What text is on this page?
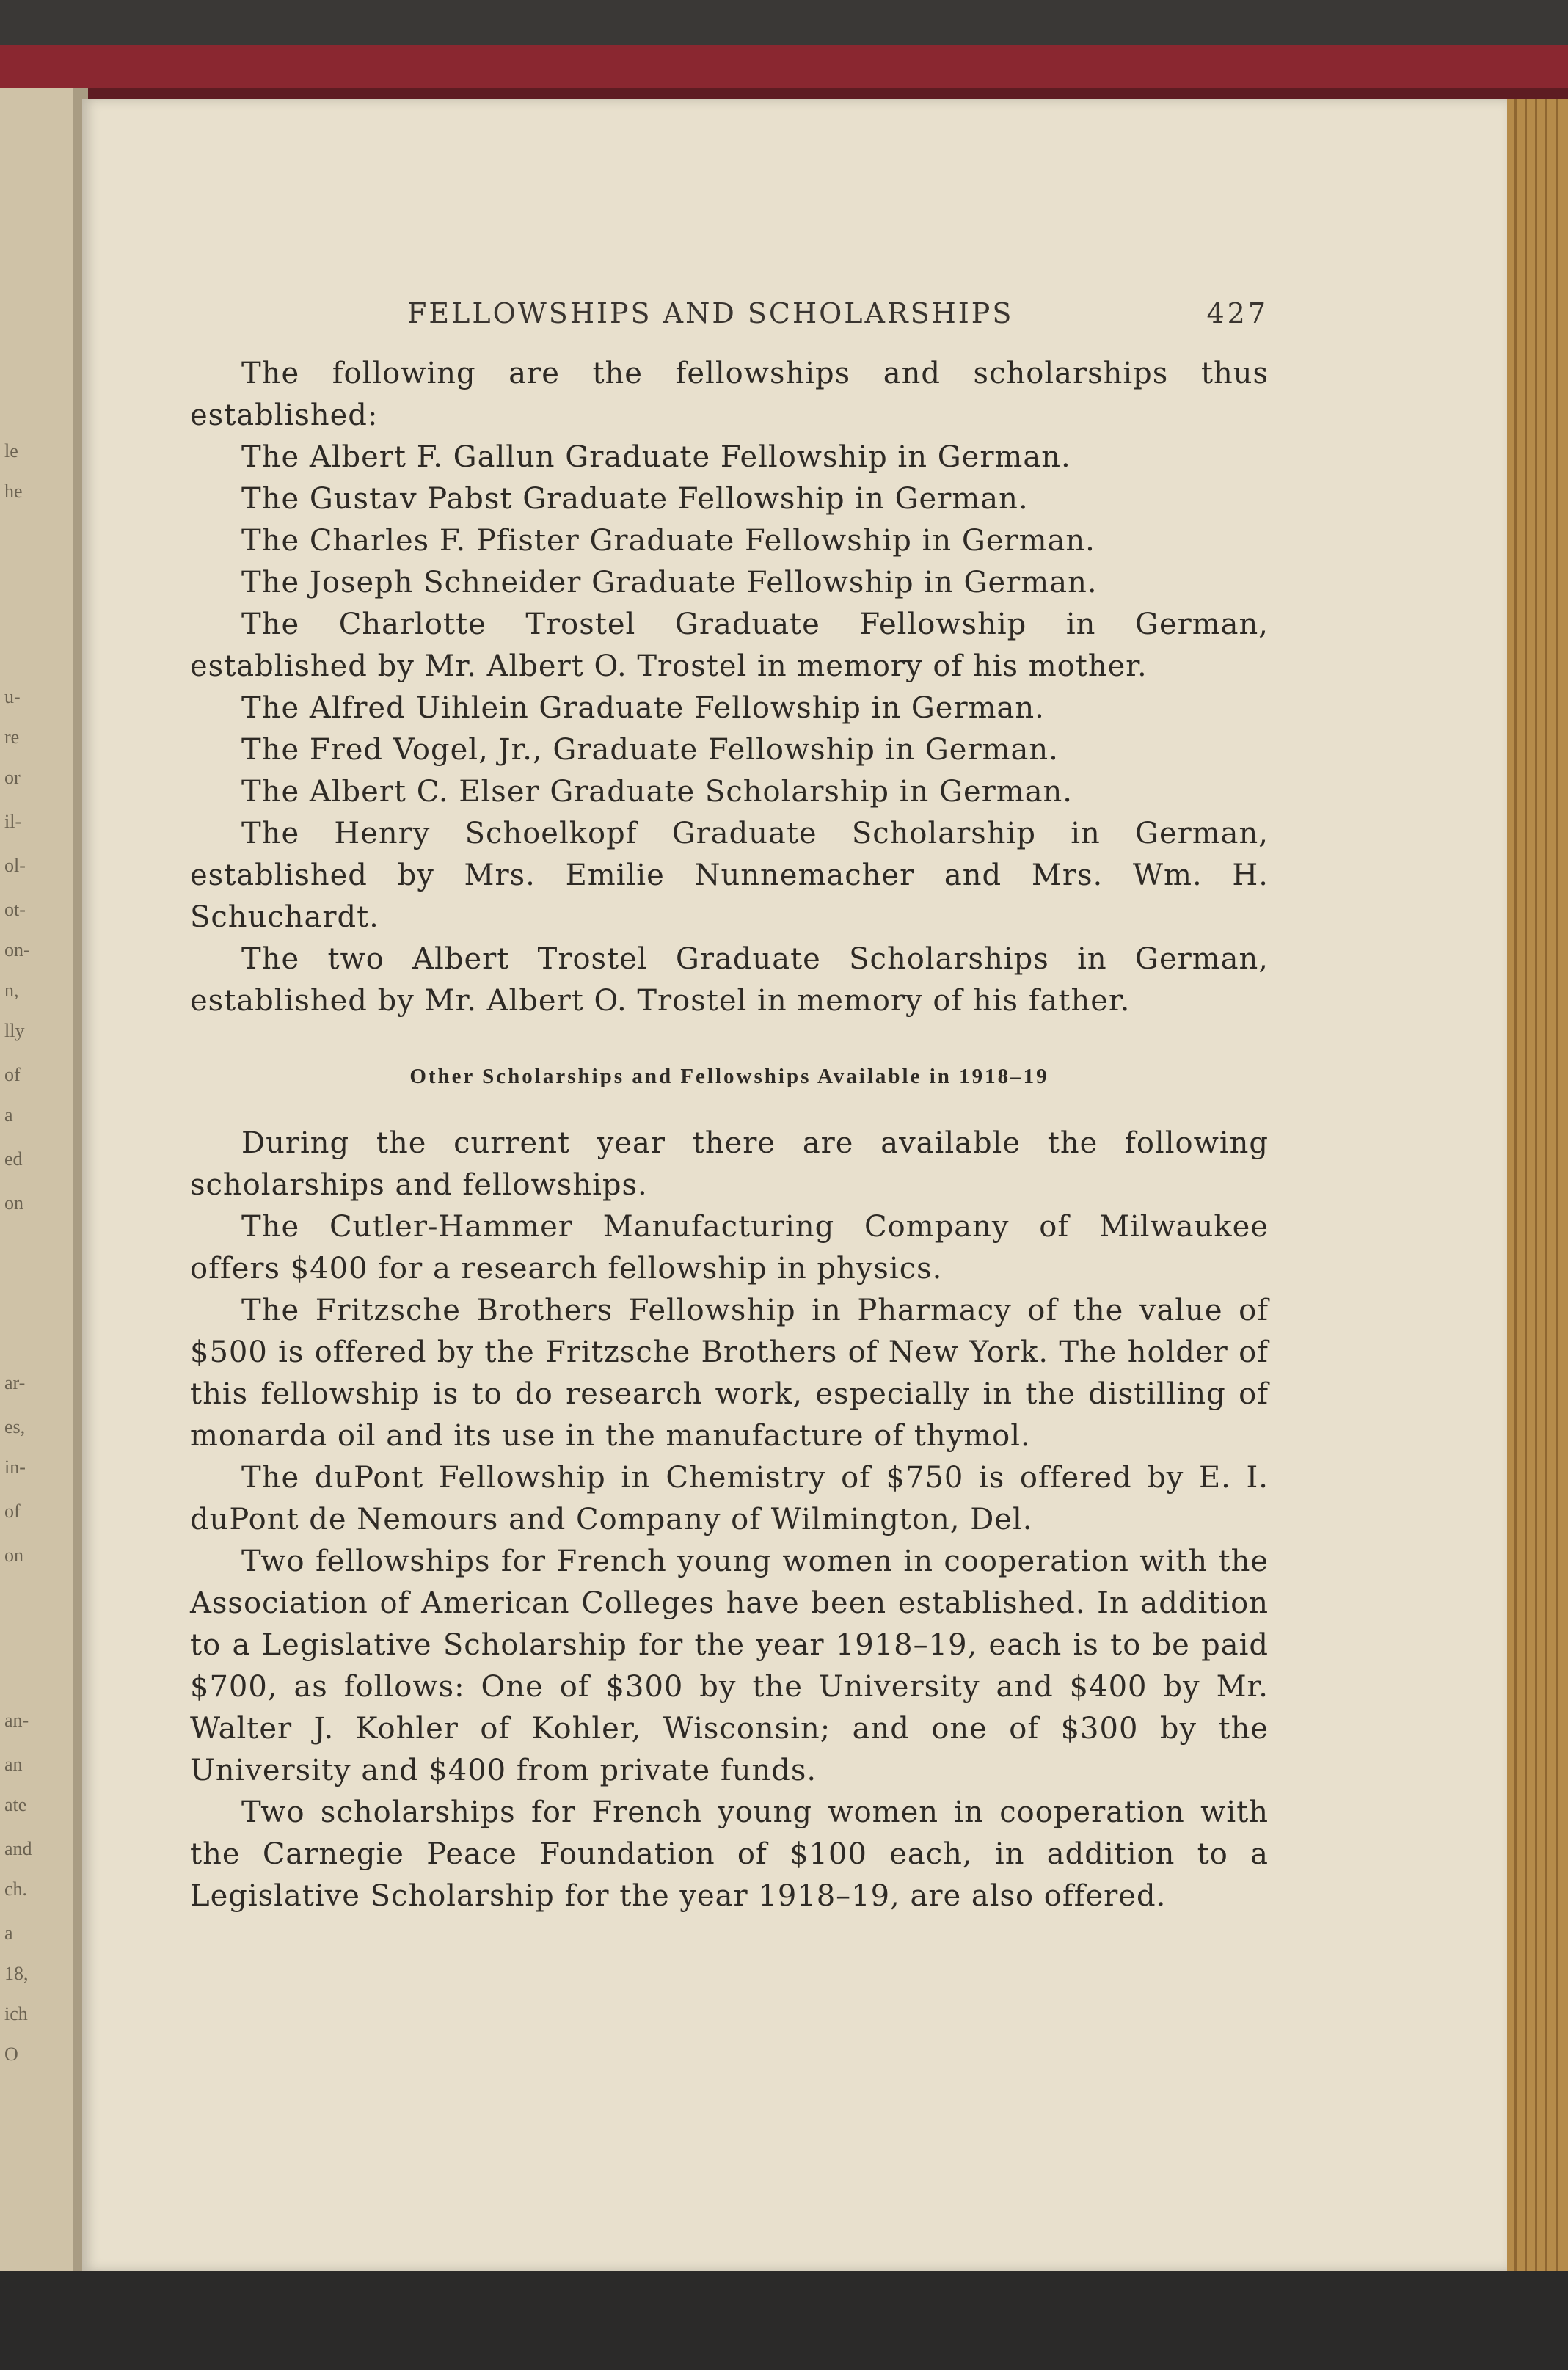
le
he
u-
re
or
il-
ol-
ot-
on-
n,
lly
of
a
ed
on
ar-
es,
in-
of
on
an-
an
ate
and
ch.
a
18,
ich
O
FELLOWSHIPS AND SCHOLARSHIPS	427

The following are the fellowships and scholarships thus established:

The Albert F. Gallun Graduate Fellowship in German.

The Gustav Pabst Graduate Fellowship in German.

The Charles F. Pfister Graduate Fellowship in German.

The Joseph Schneider Graduate Fellowship in German.

The Charlotte Trostel Graduate Fellowship in German, established by Mr. Albert O. Trostel in memory of his mother.

The Alfred Uihlein Graduate Fellowship in German.

The Fred Vogel, Jr., Graduate Fellowship in German.

The Albert C. Elser Graduate Scholarship in German.

The Henry Schoelkopf Graduate Scholarship in German, established by Mrs. Emilie Nunnemacher and Mrs. Wm. H. Schuchardt.

The two Albert Trostel Graduate Scholarships in German, established by Mr. Albert O. Trostel in memory of his father.

Other Scholarships and Fellowships Available in 1918–19

During the current year there are available the following scholarships and fellowships.

The Cutler-Hammer Manufacturing Company of Milwaukee offers $400 for a research fellowship in physics.

The Fritzsche Brothers Fellowship in Pharmacy of the value of $500 is offered by the Fritzsche Brothers of New York. The holder of this fellowship is to do research work, especially in the distilling of monarda oil and its use in the manufacture of thymol.

The duPont Fellowship in Chemistry of $750 is offered by E. I. duPont de Nemours and Company of Wilmington, Del.

Two fellowships for French young women in cooperation with the Association of American Colleges have been established. In addition to a Legislative Scholarship for the year 1918–19, each is to be paid $700, as follows: One of $300 by the University and $400 by Mr. Walter J. Kohler of Kohler, Wisconsin; and one of $300 by the University and $400 from private funds.

Two scholarships for French young women in cooperation with the Carnegie Peace Foundation of $100 each, in addition to a Legislative Scholarship for the year 1918–19, are also offered.
